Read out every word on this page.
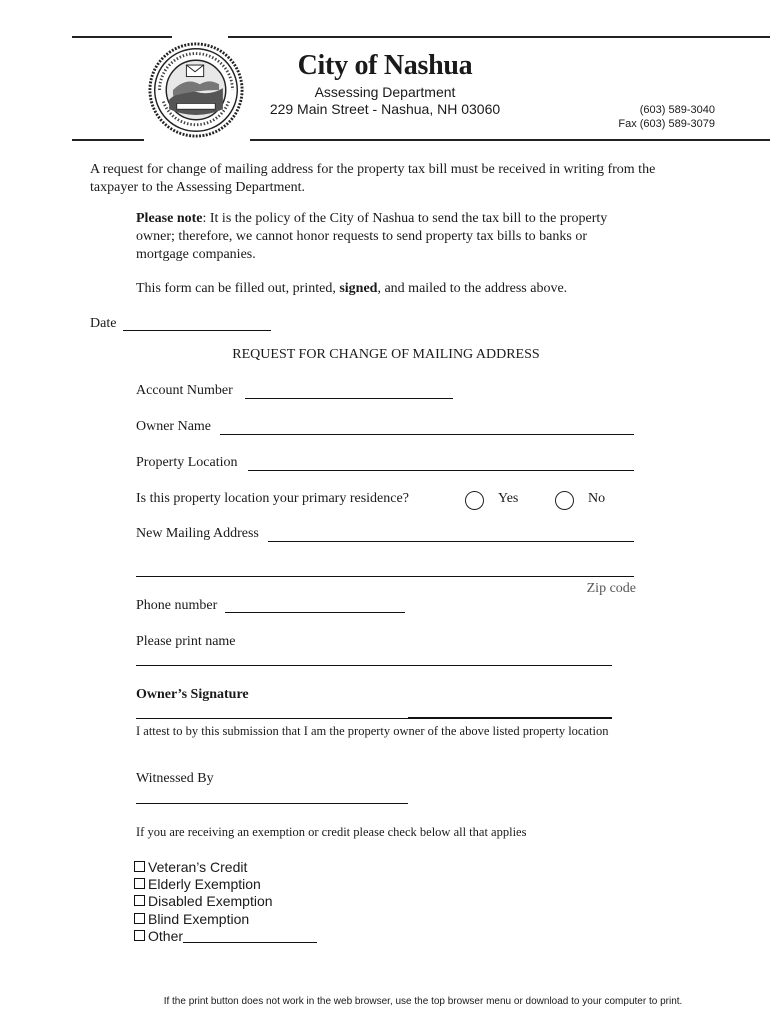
City of Nashua
Assessing Department
229 Main Street - Nashua, NH 03060	(603) 589-3040
Fax (603) 589-3079
A request for change of mailing address for the property tax bill must be received in writing from the taxpayer to the Assessing Department.
Please note: It is the policy of the City of Nashua to send the tax bill to the property owner; therefore, we cannot honor requests to send property tax bills to banks or mortgage companies.
This form can be filled out, printed, signed, and mailed to the address above.
Date
REQUEST FOR CHANGE OF MAILING ADDRESS
Account Number
Owner Name
Property Location
Is this property location your primary residence?	Yes	No
New Mailing Address
Zip code
Phone number
Please print name
Owner’s Signature
I attest to by this submission that I am the property owner of the above listed property location
Witnessed By
If you are receiving an exemption or credit please check below all that applies
Veteran’s Credit
Elderly Exemption
Disabled Exemption
Blind Exemption
Other
If the print button does not work in the web browser, use the top browser menu or download to your computer to print.
